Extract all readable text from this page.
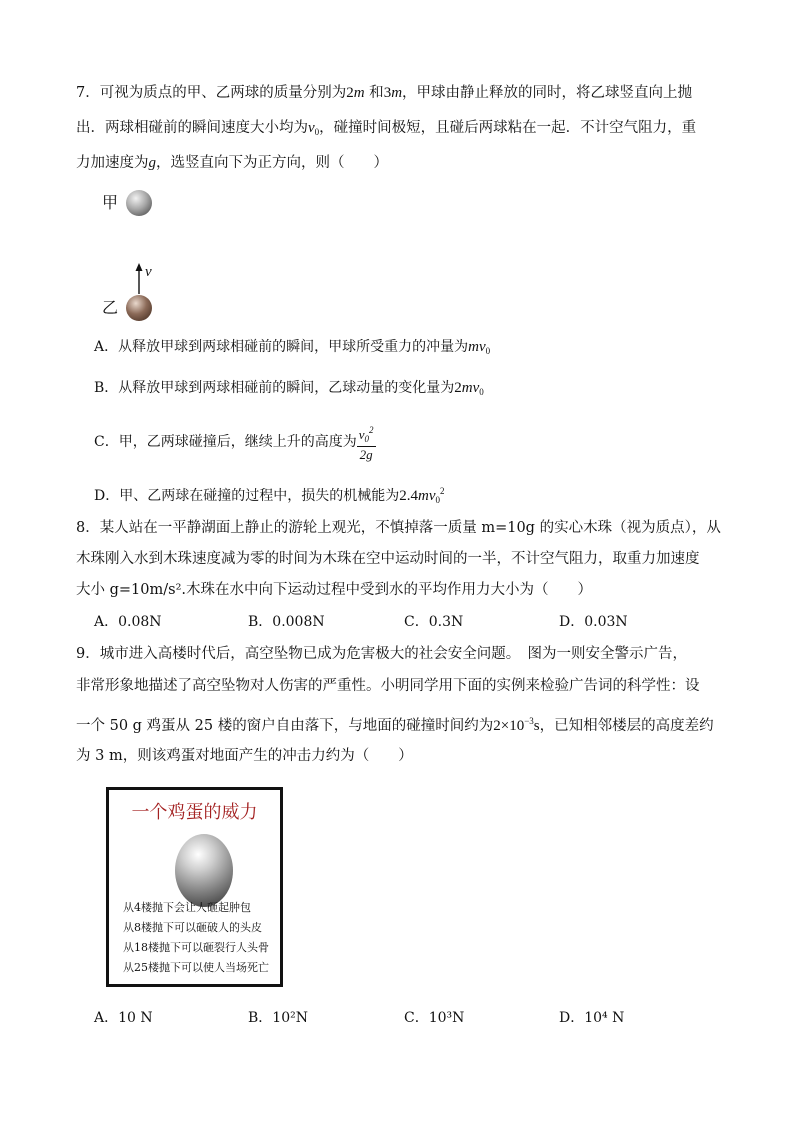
7．可视为质点的甲、乙两球的质量分别为2m 和3m，甲球由静止释放的同时，将乙球竖直向上抛
出．两球相碰前的瞬间速度大小均为$v_0$，碰撞时间极短，且碰后两球粘在一起．不计空气阻力，重
力加速度为g，选竖直向下为正方向，则（　　）
甲
v
乙
A．从释放甲球到两球相碰前的瞬间，甲球所受重力的冲量为$mv_0$
B．从释放甲球到两球相碰前的瞬间，乙球动量的变化量为$2mv_0$
C．甲，乙两球碰撞后，继续上升的高度为 $\frac{v_0^2}{2g}$
D．甲、乙两球在碰撞的过程中，损失的机械能为$2.4mv_0^2$
8．某人站在一平静湖面上静止的游轮上观光，不慎掉落一质量 m=10g 的实心木珠（视为质点），从
木珠刚入水到木珠速度减为零的时间为木珠在空中运动时间的一半，不计空气阻力，取重力加速度
大小 g=10m/s².木珠在水中向下运动过程中受到水的平均作用力大小为（　　）
A．0.08N	B．0.008N	C．0.3N	D．0.03N
9．城市进入高楼时代后，高空坠物已成为危害极大的社会安全问题。　图为一则安全警示广告，
非常形象地描述了高空坠物对人伤害的严重性。小明同学用下面的实例来检验广告词的科学性：设
一个 50 g 鸡蛋从 25 楼的窗户自由落下，与地面的碰撞时间约为$2\times 10^{-3}s$，已知相邻楼层的高度差约
为 3 m，则该鸡蛋对地面产生的冲击力约为（　　）
一个鸡蛋的威力
从4楼抛下会让人砸起肿包
从8楼抛下可以砸破人的头皮
从18楼抛下可以砸裂行人头骨
从25楼抛下可以使人当场死亡
A．10 N	B．10²N	C．10³N	D．10⁴ N
